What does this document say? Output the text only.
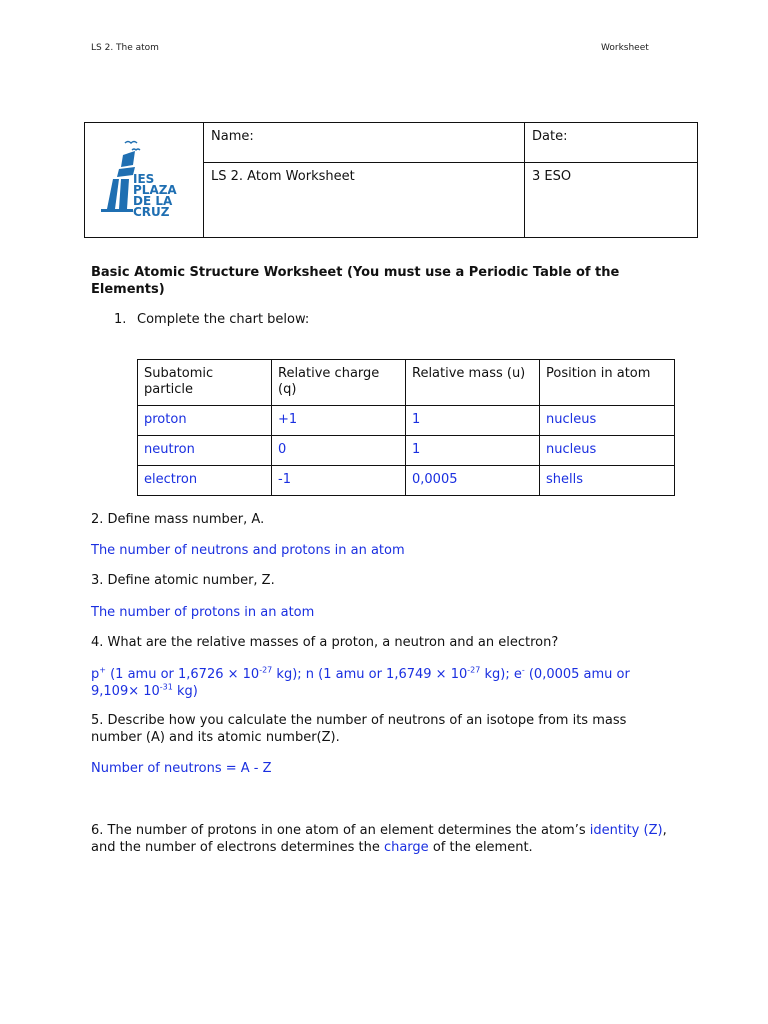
LS 2. The atom	Worksheet
IES
PLAZA
DE LA
CRUZ	Name:	Date:
	LS 2. Atom Worksheet	3 ESO
Basic Atomic Structure Worksheet (You must use a Periodic Table of the Elements)
1. Complete the chart below:
Subatomic particle	Relative charge (q)	Relative mass (u)	Position in atom
proton	+1	1	nucleus
neutron	0	1	nucleus
electron	-1	0,0005	shells
2. Define mass number, A.
The number of neutrons and protons in an atom
3. Define atomic number, Z.
The number of protons in an atom
4. What are the relative masses of a proton, a neutron and an electron?
p+ (1 amu or $1,6726 \times 10^{-27}$ kg); n (1 amu or $1,6749 \times 10^{-27}$ kg); e- (0,0005 amu or $9,109\times 10^{-31}$ kg)
5. Describe how you calculate the number of neutrons of an isotope from its mass number (A) and its atomic number(Z).
Number of neutrons = A - Z
6. The number of protons in one atom of an element determines the atom’s identity (Z), and the number of electrons determines the charge of the element.
